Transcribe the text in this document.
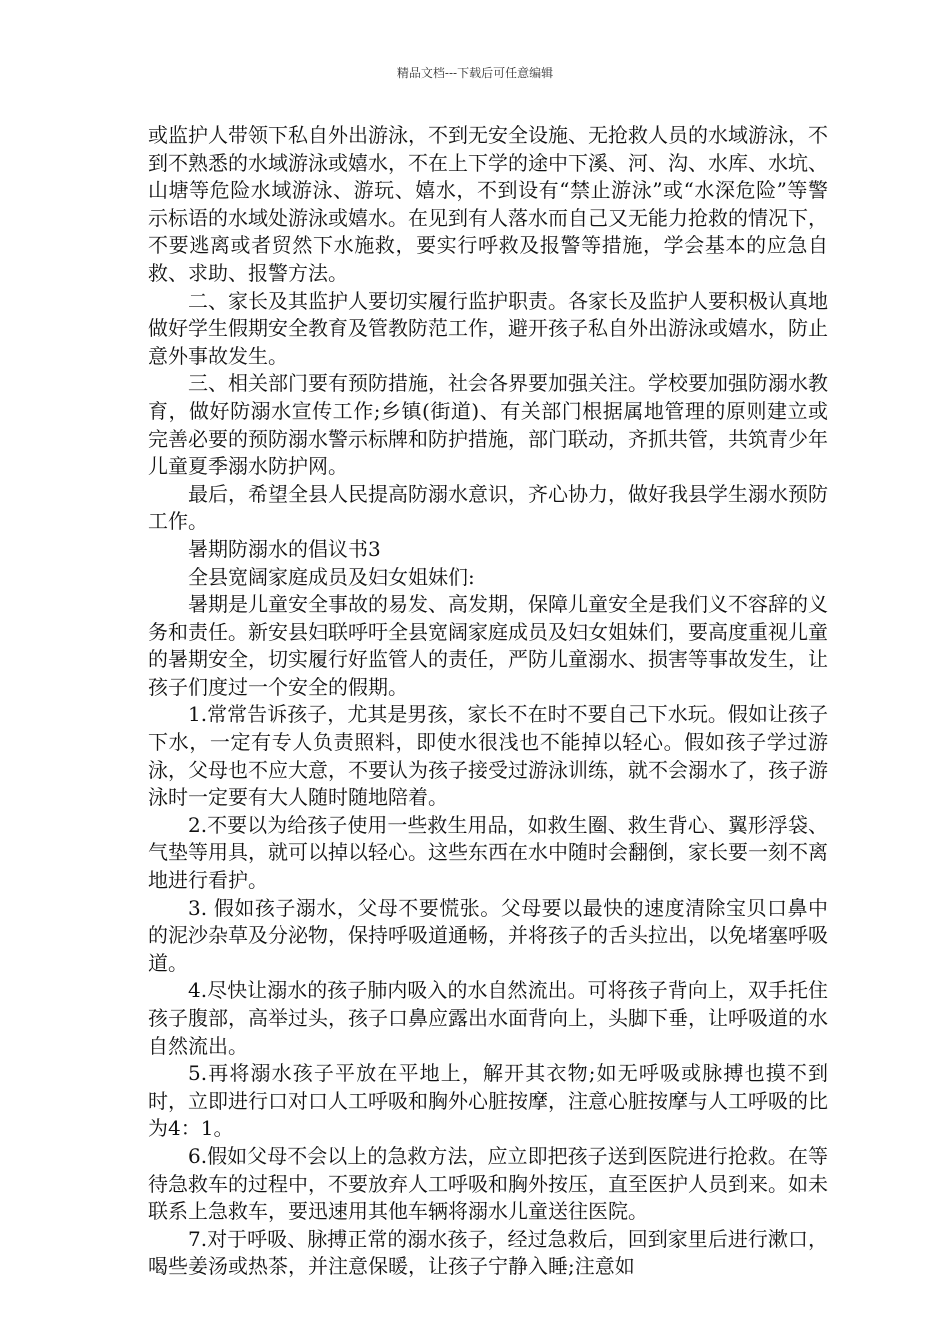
精品文档---下载后可任意编辑

或监护人带领下私自外出游泳，不到无安全设施、无抢救人员的水域游泳，不到不熟悉的水域游泳或嬉水，不在上下学的途中下溪、河、沟、水库、水坑、山塘等危险水域游泳、游玩、嬉水，不到设有“禁止游泳”或“水深危险”等警示标语的水域处游泳或嬉水。在见到有人落水而自己又无能力抢救的情况下，不要逃离或者贸然下水施救，要实行呼救及报警等措施，学会基本的应急自救、求助、报警方法。

二、家长及其监护人要切实履行监护职责。各家长及监护人要积极认真地做好学生假期安全教育及管教防范工作，避开孩子私自外出游泳或嬉水，防止意外事故发生。

三、相关部门要有预防措施，社会各界要加强关注。学校要加强防溺水教育，做好防溺水宣传工作;乡镇(街道)、有关部门根据属地管理的原则建立或完善必要的预防溺水警示标牌和防护措施，部门联动，齐抓共管，共筑青少年儿童夏季溺水防护网。

最后，希望全县人民提高防溺水意识，齐心协力，做好我县学生溺水预防工作。

暑期防溺水的倡议书3

全县宽阔家庭成员及妇女姐妹们:

暑期是儿童安全事故的易发、高发期，保障儿童安全是我们义不容辞的义务和责任。新安县妇联呼吁全县宽阔家庭成员及妇女姐妹们，要高度重视儿童的暑期安全，切实履行好监管人的责任，严防儿童溺水、损害等事故发生，让孩子们度过一个安全的假期。

1.常常告诉孩子，尤其是男孩，家长不在时不要自己下水玩。假如让孩子下水，一定有专人负责照料，即使水很浅也不能掉以轻心。假如孩子学过游泳，父母也不应大意，不要认为孩子接受过游泳训练，就不会溺水了，孩子游泳时一定要有大人随时随地陪着。

2.不要以为给孩子使用一些救生用品，如救生圈、救生背心、翼形浮袋、气垫等用具，就可以掉以轻心。这些东西在水中随时会翻倒，家长要一刻不离地进行看护。

3. 假如孩子溺水，父母不要慌张。父母要以最快的速度清除宝贝口鼻中的泥沙杂草及分泌物，保持呼吸道通畅，并将孩子的舌头拉出，以免堵塞呼吸道。

4.尽快让溺水的孩子肺内吸入的水自然流出。可将孩子背向上，双手托住孩子腹部，高举过头，孩子口鼻应露出水面背向上，头脚下垂，让呼吸道的水自然流出。

5.再将溺水孩子平放在平地上，解开其衣物;如无呼吸或脉搏也摸不到时，立即进行口对口人工呼吸和胸外心脏按摩，注意心脏按摩与人工呼吸的比为4：1。

6.假如父母不会以上的急救方法，应立即把孩子送到医院进行抢救。在等待急救车的过程中，不要放弃人工呼吸和胸外按压，直至医护人员到来。如未联系上急救车，要迅速用其他车辆将溺水儿童送往医院。

7.对于呼吸、脉搏正常的溺水孩子，经过急救后，回到家里后进行漱口，喝些姜汤或热茶，并注意保暖，让孩子宁静入睡;注意如
